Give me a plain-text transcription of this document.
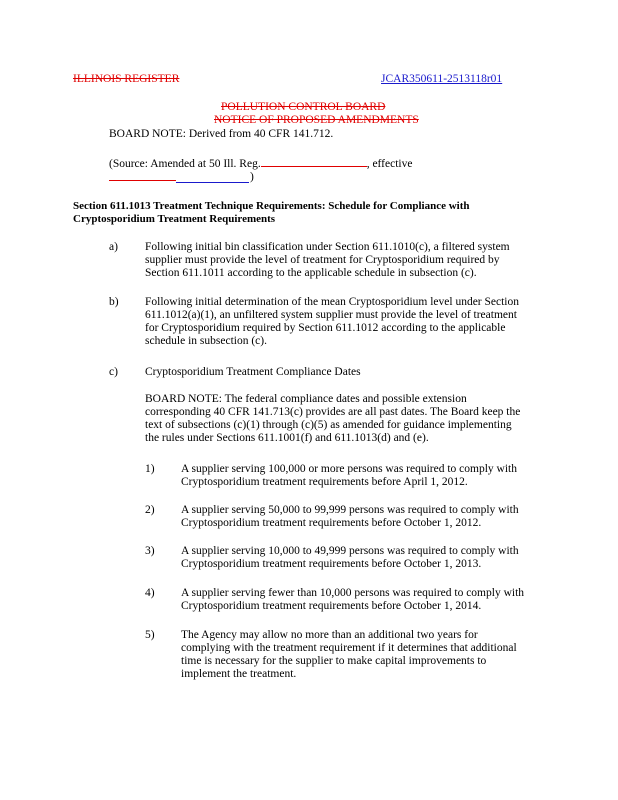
ILLINOIS REGISTER	JCAR350611-2513118r01
POLLUTION CONTROL BOARD
NOTICE OF PROPOSED AMENDMENTS
BOARD NOTE: Derived from 40 CFR 141.712.
(Source: Amended at 50 Ill. Reg.	, effective
)
Section 611.1013 Treatment Technique Requirements: Schedule for Compliance with
Cryptosporidium Treatment Requirements
a) Following initial bin classification under Section 611.1010(c), a filtered system
supplier must provide the level of treatment for Cryptosporidium required by
Section 611.1011 according to the applicable schedule in subsection (c).
b) Following initial determination of the mean Cryptosporidium level under Section
611.1012(a)(1), an unfiltered system supplier must provide the level of treatment
for Cryptosporidium required by Section 611.1012 according to the applicable
schedule in subsection (c).
c) Cryptosporidium Treatment Compliance Dates
BOARD NOTE: The federal compliance dates and possible extension
corresponding 40 CFR 141.713(c) provides are all past dates. The Board keep the
text of subsections (c)(1) through (c)(5) as amended for guidance implementing
the rules under Sections 611.1001(f) and 611.1013(d) and (e).
1) A supplier serving 100,000 or more persons was required to comply with
Cryptosporidium treatment requirements before April 1, 2012.
2) A supplier serving 50,000 to 99,999 persons was required to comply with
Cryptosporidium treatment requirements before October 1, 2012.
3) A supplier serving 10,000 to 49,999 persons was required to comply with
Cryptosporidium treatment requirements before October 1, 2013.
4) A supplier serving fewer than 10,000 persons was required to comply with
Cryptosporidium treatment requirements before October 1, 2014.
5) The Agency may allow no more than an additional two years for
complying with the treatment requirement if it determines that additional
time is necessary for the supplier to make capital improvements to
implement the treatment.
